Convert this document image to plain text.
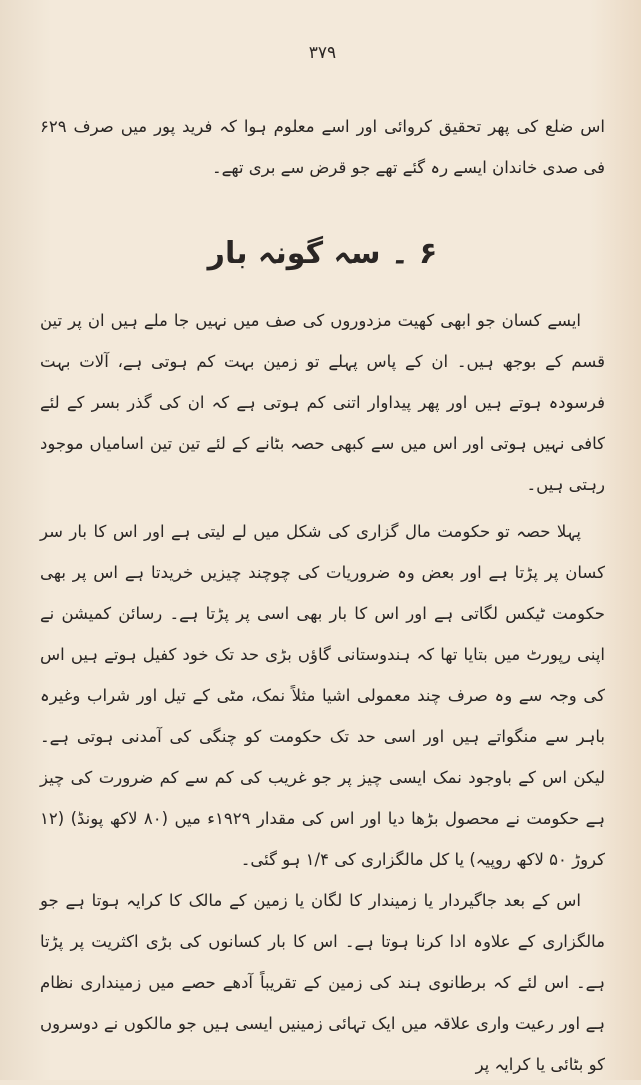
۳۷۹

اس ضلع کی پھر تحقیق کروائی اور اسے معلوم ہوا کہ فرید پور میں صرف ۶۲۹ فی صدی خاندان ایسے رہ گئے تھے جو قرض سے بری تھے۔

۶ ۔ سہ گونہ بار

ایسے کسان جو ابھی کھیت مزدوروں کی صف میں نہیں جا ملے ہیں ان پر تین قسم کے بوجھ ہیں۔ ان کے پاس پہلے تو زمین بہت کم ہوتی ہے، آلات بہت فرسودہ ہوتے ہیں اور پھر پیداوار اتنی کم ہوتی ہے کہ ان کی گذر بسر کے لئے کافی نہیں ہوتی اور اس میں سے کبھی حصہ بٹانے کے لئے تین تین اسامیاں موجود رہتی ہیں۔

پہلا حصہ تو حکومت مال گزاری کی شکل میں لے لیتی ہے اور اس کا بار سر کسان پر پڑتا ہے اور بعض وہ ضروریات کی چوچند چیزیں خریدتا ہے اس پر بھی حکومت ٹیکس لگاتی ہے اور اس کا بار بھی اسی پر پڑتا ہے۔ رسائن کمیشن نے اپنی رپورٹ میں بتایا تھا کہ ہندوستانی گاؤں بڑی حد تک خود کفیل ہوتے ہیں اس کی وجہ سے وہ صرف چند معمولی اشیا مثلاً نمک، مٹی کے تیل اور شراب وغیرہ باہر سے منگواتے ہیں اور اسی حد تک حکومت کو چنگی کی آمدنی ہوتی ہے۔ لیکن اس کے باوجود نمک ایسی چیز پر جو غریب کی کم سے کم ضرورت کی چیز ہے حکومت نے محصول بڑھا دیا اور اس کی مقدار ۱۹۲۹ء میں (۸۰ لاکھ پونڈ) (۱۲ کروڑ ۵۰ لاکھ روپیہ) یا کل مالگزاری کی ۱/۴ ہو گئی۔

اس کے بعد جاگیردار یا زمیندار کا لگان یا زمین کے مالک کا کرایہ ہوتا ہے جو مالگزاری کے علاوہ ادا کرنا ہوتا ہے۔ اس کا بار کسانوں کی بڑی اکثریت پر پڑتا ہے۔ اس لئے کہ برطانوی ہند کی زمین کے تقریباً آدھے حصے میں زمینداری نظام ہے اور رعیت واری علاقہ میں ایک تہائی زمینیں ایسی ہیں جو مالکوں نے دوسروں کو بٹائی یا کرایہ پر
